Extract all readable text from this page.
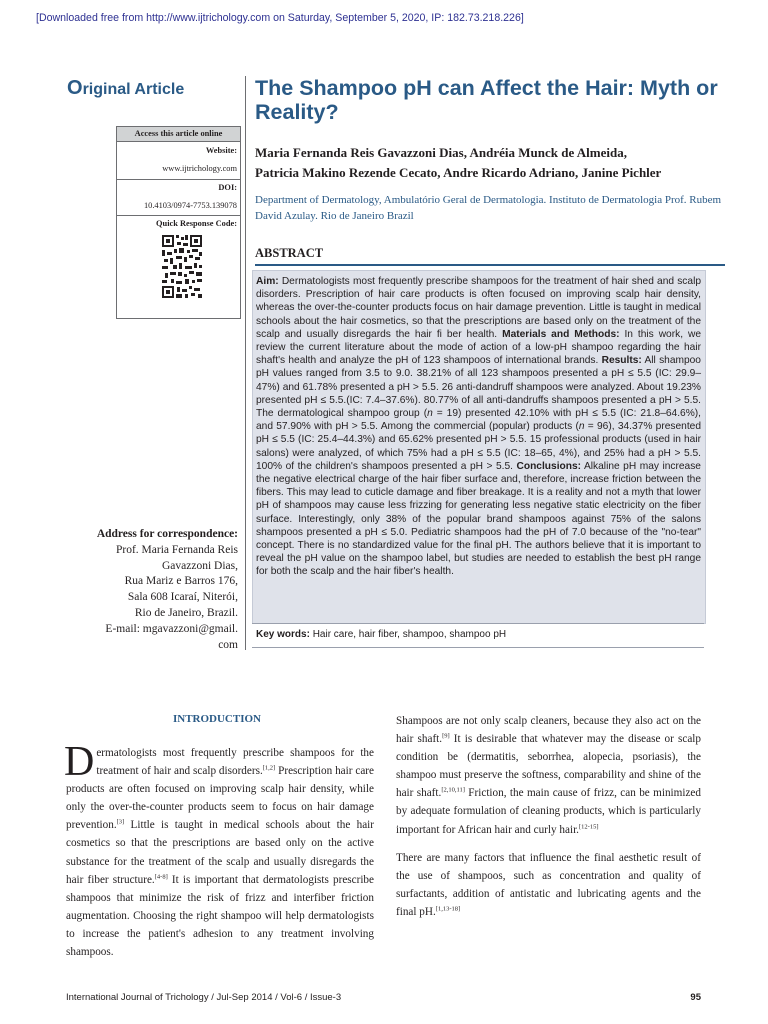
[Downloaded free from http://www.ijtrichology.com on Saturday, September 5, 2020, IP: 182.73.218.226]
Original Article	The Shampoo pH can Affect the Hair: Myth or Reality?
Access this article online
Website:
www.ijtrichology.com
DOI:
10.4103/0974-7753.139078
Quick Response Code:
Maria Fernanda Reis Gavazzoni Dias, Andréia Munck de Almeida,
Patricia Makino Rezende Cecato, Andre Ricardo Adriano, Janine Pichler
Department of Dermatology, Ambulatório Geral de Dermatologia. Instituto de Dermatologia Prof. Rubem David Azulay. Rio de Janeiro Brazil
ABSTRACT
Aim: Dermatologists most frequently prescribe shampoos for the treatment of hair shed and scalp disorders. Prescription of hair care products is often focused on improving scalp hair density, whereas the over-the-counter products focus on hair damage prevention. Little is taught in medical schools about the hair cosmetics, so that the prescriptions are based only on the treatment of the scalp and usually disregards the hair fi ber health. Materials and Methods: In this work, we review the current literature about the mode of action of a low-pH shampoo regarding the hair shaft's health and analyze the pH of 123 shampoos of international brands. Results: All shampoo pH values ranged from 3.5 to 9.0. 38.21% of all 123 shampoos presented a pH ≤ 5.5 (IC: 29.9–47%) and 61.78% presented a pH > 5.5. 26 anti-dandruff shampoos were analyzed. About 19.23% presented pH ≤ 5.5.(IC: 7.4–37.6%). 80.77% of all anti-dandruffs shampoos presented a pH > 5.5. The dermatological shampoo group (n = 19) presented 42.10% with pH ≤ 5.5 (IC: 21.8–64.6%), and 57.90% with pH > 5.5. Among the commercial (popular) products (n = 96), 34.37% presented pH ≤ 5.5 (IC: 25.4–44.3%) and 65.62% presented pH > 5.5. 15 professional products (used in hair salons) were analyzed, of which 75% had a pH ≤ 5.5 (IC: 18–65, 4%), and 25% had a pH > 5.5. 100% of the children's shampoos presented a pH > 5.5. Conclusions: Alkaline pH may increase the negative electrical charge of the hair fiber surface and, therefore, increase friction between the fibers. This may lead to cuticle damage and fiber breakage. It is a reality and not a myth that lower pH of shampoos may cause less frizzing for generating less negative static electricity on the fiber surface. Interestingly, only 38% of the popular brand shampoos against 75% of the salons shampoos presented a pH ≤ 5.0. Pediatric shampoos had the pH of 7.0 because of the "no-tear" concept. There is no standardized value for the final pH. The authors believe that it is important to reveal the pH value on the shampoo label, but studies are needed to establish the best pH range for both the scalp and the hair fiber's health.
Key words: Hair care, hair fiber, shampoo, shampoo pH
Address for correspondence:
Prof. Maria Fernanda Reis
Gavazzoni Dias,
Rua Mariz e Barros 176,
Sala 608 Icaraí, Niterói,
Rio de Janeiro, Brazil.
E-mail: mgavazzoni@gmail.
com
INTRODUCTION
Dermatologists most frequently prescribe shampoos for the treatment of hair and scalp disorders.[1,2] Prescription hair care products are often focused on improving scalp hair density, while only the over-the-counter products seem to focus on hair damage prevention.[3] Little is taught in medical schools about the hair cosmetics so that the prescriptions are based only on the active substance for the treatment of the scalp and usually disregards the hair fiber structure.[4-8] It is important that dermatologists prescribe shampoos that minimize the risk of frizz and interfiber friction augmentation. Choosing the right shampoo will help dermatologists to increase the patient's adhesion to any treatment involving shampoos.
Shampoos are not only scalp cleaners, because they also act on the hair shaft.[9] It is desirable that whatever may the disease or scalp condition be (dermatitis, seborrhea, alopecia, psoriasis), the shampoo must preserve the softness, comparability and shine of the hair shaft.[2,10,11] Friction, the main cause of frizz, can be minimized by adequate formulation of cleaning products, which is particularly important for African hair and curly hair.[12-15]
There are many factors that influence the final aesthetic result of the use of shampoos, such as concentration and quality of surfactants, addition of antistatic and lubricating agents and the final pH.[1,13-18]
International Journal of Trichology / Jul-Sep 2014 / Vol-6 / Issue-3	95
